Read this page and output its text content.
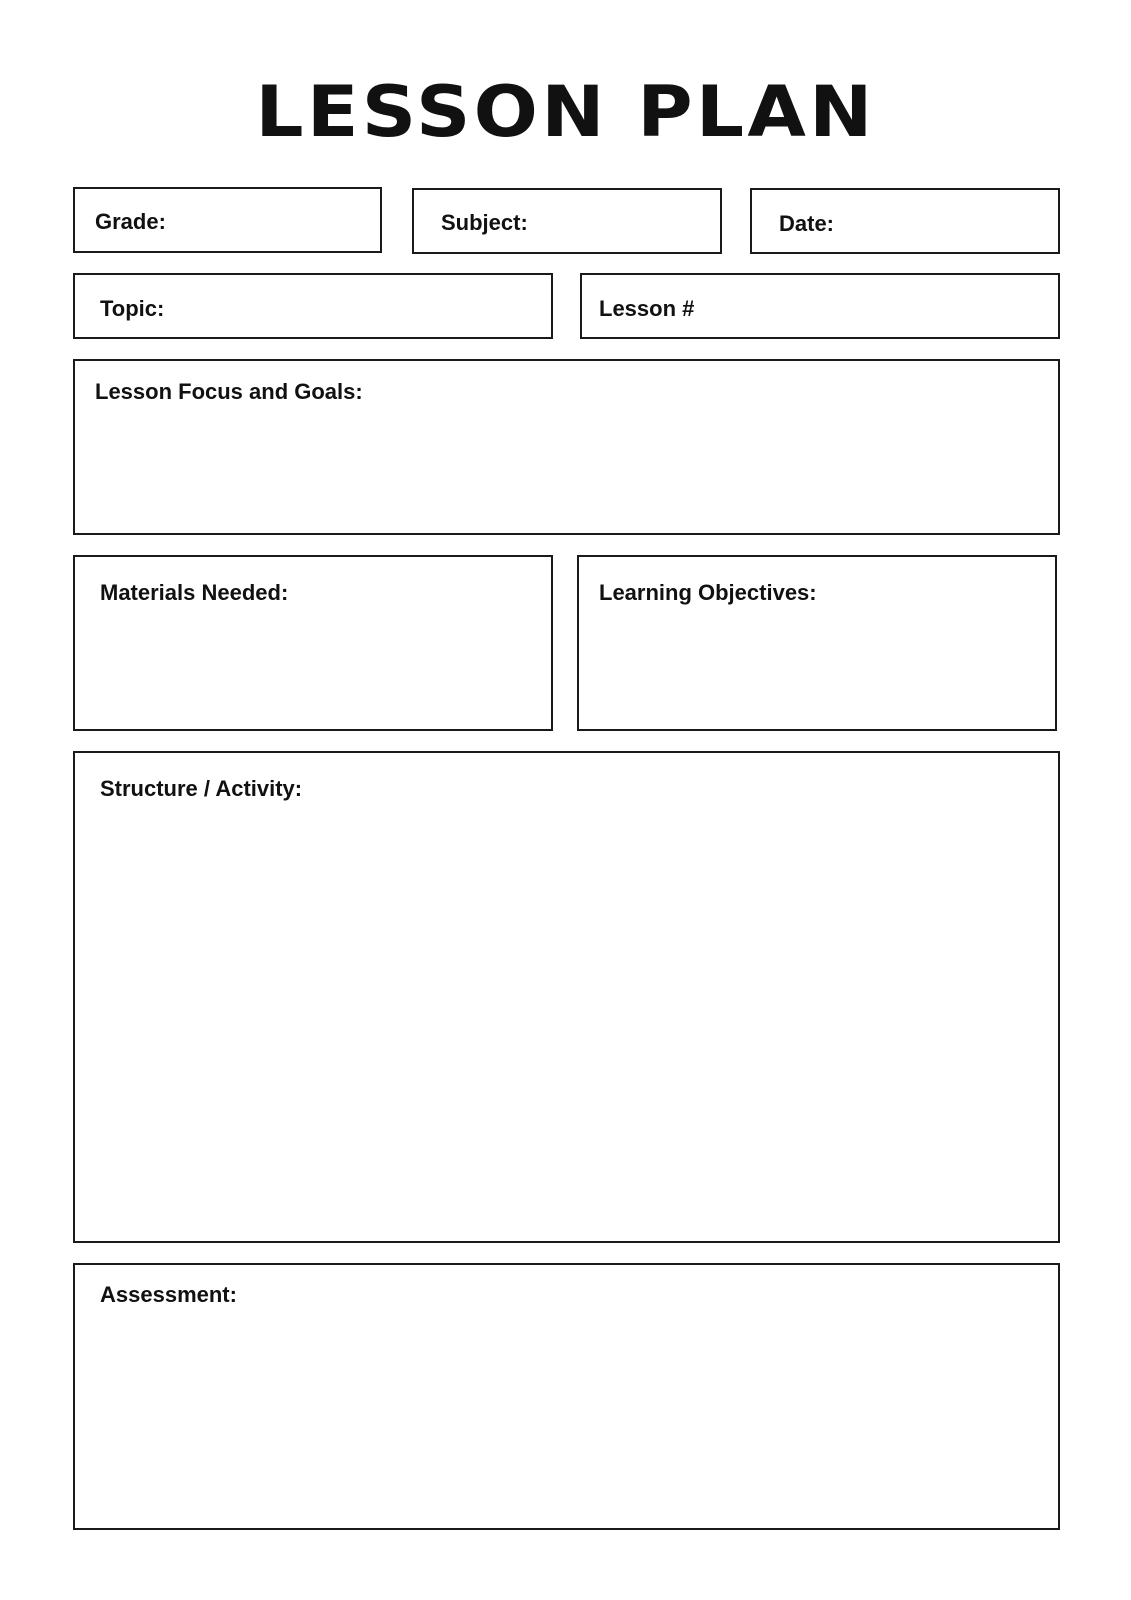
LESSON PLAN
Grade:	Subject:	Date:
Topic:	Lesson #
Lesson Focus and Goals:
Materials Needed:	Learning Objectives:
Structure / Activity:
Assessment:
